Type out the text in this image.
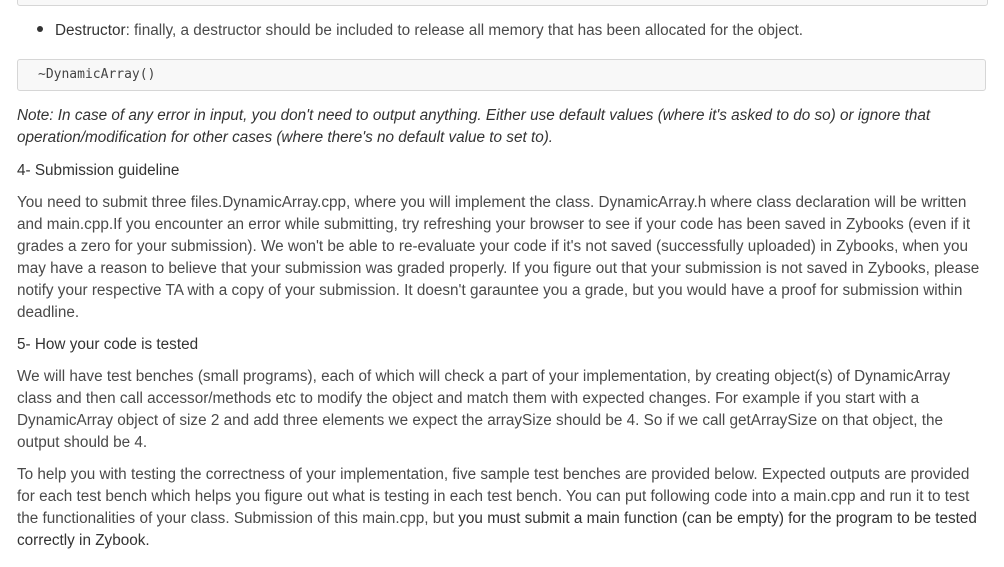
Destructor: finally, a destructor should be included to release all memory that has been allocated for the object.
~DynamicArray()

Note: In case of any error in input, you don't need to output anything. Either use default values (where it's asked to do so) or ignore that operation/modification for other cases (where there's no default value to set to).

4- Submission guideline

You need to submit three files.DynamicArray.cpp, where you will implement the class. DynamicArray.h where class declaration will be written and main.cpp.If you encounter an error while submitting, try refreshing your browser to see if your code has been saved in Zybooks (even if it grades a zero for your submission). We won't be able to re-evaluate your code if it's not saved (successfully uploaded) in Zybooks, when you may have a reason to believe that your submission was graded properly. If you figure out that your submission is not saved in Zybooks, please notify your respective TA with a copy of your submission. It doesn't garauntee you a grade, but you would have a proof for submission within deadline.

5- How your code is tested

We will have test benches (small programs), each of which will check a part of your implementation, by creating object(s) of DynamicArray class and then call accessor/methods etc to modify the object and match them with expected changes. For example if you start with a DynamicArray object of size 2 and add three elements we expect the arraySize should be 4. So if we call getArraySize on that object, the output should be 4.

To help you with testing the correctness of your implementation, five sample test benches are provided below. Expected outputs are provided for each test bench which helps you figure out what is testing in each test bench. You can put following code into a main.cpp and run it to test the functionalities of your class. Submission of this main.cpp, but you must submit a main function (can be empty) for the program to be tested correctly in Zybook.
